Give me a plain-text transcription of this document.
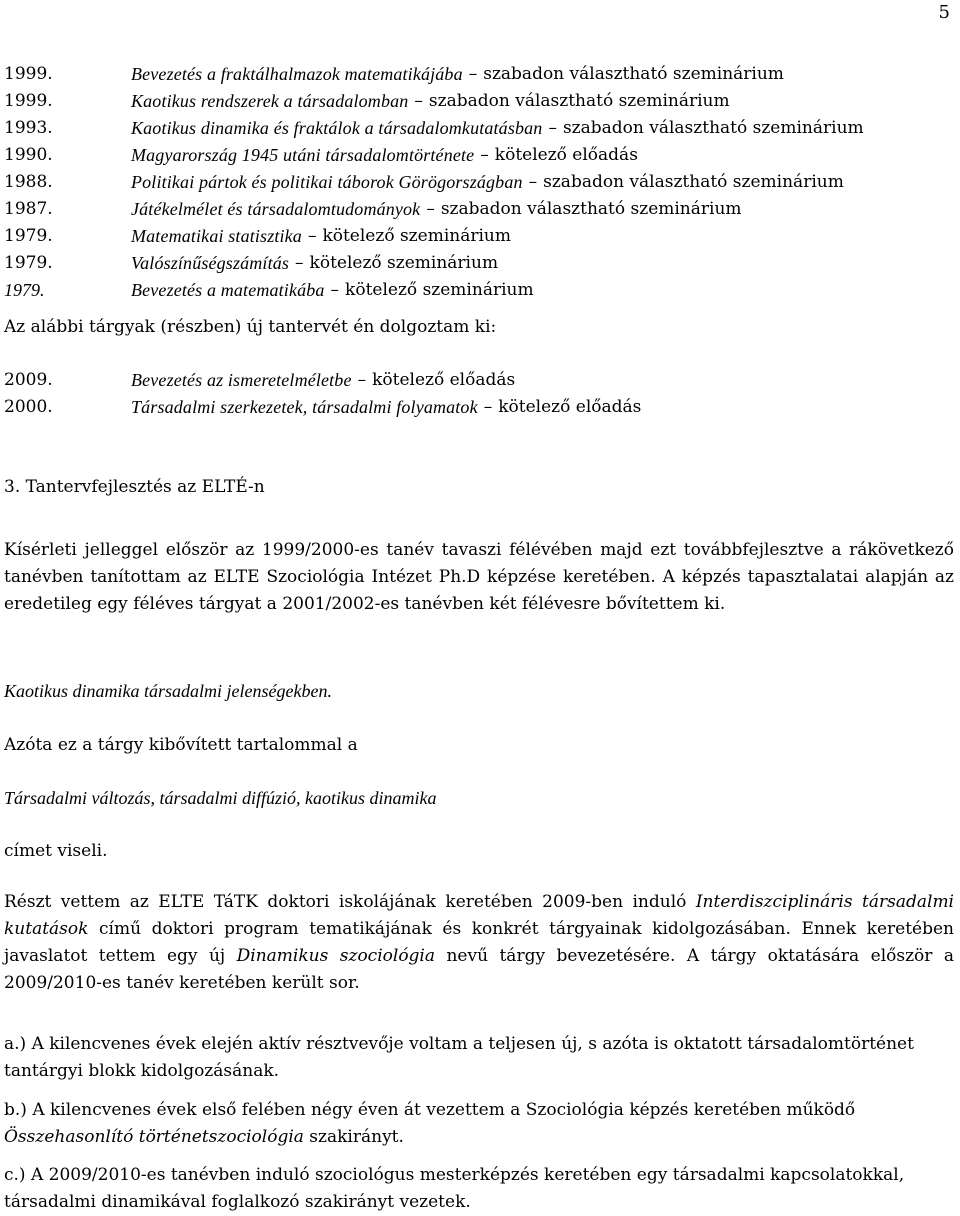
5
1999.	Bevezetés a fraktálhalmazok matematikájába – szabadon választható szeminárium
1999.	Kaotikus rendszerek a társadalomban – szabadon választható szeminárium
1993.	Kaotikus dinamika és fraktálok a társadalomkutatásban – szabadon választható szeminárium
1990.	Magyarország 1945 utáni társadalomtörténete – kötelező előadás
1988.	Politikai pártok és politikai táborok Görögországban – szabadon választható szeminárium
1987.	Játékelmélet és társadalomtudományok – szabadon választható szeminárium
1979.	Matematikai statisztika – kötelező szeminárium
1979.	Valószínűségszámítás – kötelező szeminárium
1979.	Bevezetés a matematikába – kötelező szeminárium
Az alábbi tárgyak (részben) új tantervét én dolgoztam ki:
2009.	Bevezetés az ismeretelméletbe – kötelező előadás
2000.	Társadalmi szerkezetek, társadalmi folyamatok – kötelező előadás
3. Tantervfejlesztés az ELTÉ-n
Kísérleti jelleggel először az 1999/2000-es tanév tavaszi félévében majd ezt továbbfejlesztve a rákövetkező tanévben tanítottam az ELTE Szociológia Intézet Ph.D képzése keretében. A képzés tapasztalatai alapján az eredetileg egy féléves tárgyat a 2001/2002-es tanévben két félévesre bővítettem ki.
Kaotikus dinamika társadalmi jelenségekben.
Azóta ez a tárgy kibővített tartalommal a
Társadalmi változás, társadalmi diffúzió, kaotikus dinamika
címet viseli.
Részt vettem az ELTE TáTK doktori iskolájának keretében 2009-ben induló Interdiszciplináris társadalmi kutatások című doktori program tematikájának és konkrét tárgyainak kidolgozásában. Ennek keretében javaslatot tettem egy új Dinamikus szociológia nevű tárgy bevezetésére. A tárgy oktatására először a 2009/2010-es tanév keretében került sor.
a.) A kilencvenes évek elején aktív résztvevője voltam a teljesen új, s azóta is oktatott társadalomtörténet tantárgyi blokk kidolgozásának.
b.) A kilencvenes évek első felében négy éven át vezettem a Szociológia képzés keretében működő Összehasonlító történetszociológia szakirányt.
c.) A 2009/2010-es tanévben induló szociológus mesterképzés keretében egy társadalmi kapcsolatokkal, társadalmi dinamikával foglalkozó szakirányt vezetek.
